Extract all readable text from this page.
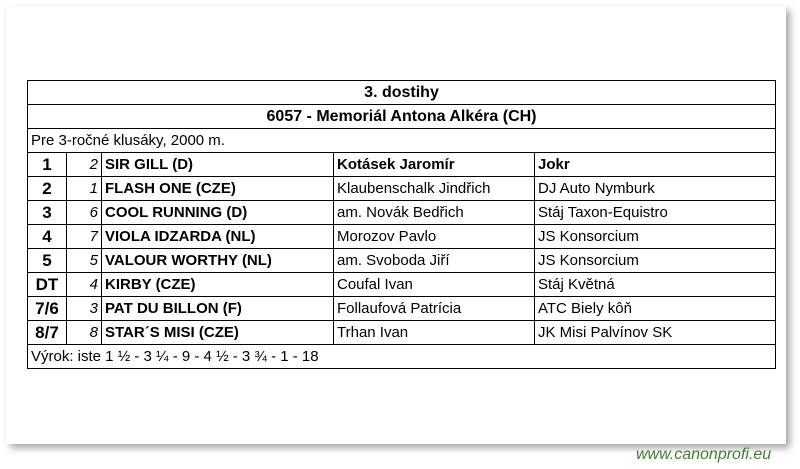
3. dostihy				
6057 - Memoriál Antona Alkéra (CH)				
Pre 3-ročné klusáky, 2000 m.				
1	2	SIR GILL (D)	Kotásek Jaromír	Jokr
2	1	FLASH ONE (CZE)	Klaubenschalk Jindřich	DJ Auto Nymburk
3	6	COOL RUNNING (D)	am. Novák Bedřich	Stáj Taxon-Equistro
4	7	VIOLA IDZARDA (NL)	Morozov Pavlo	JS Konsorcium
5	5	VALOUR WORTHY (NL)	am. Svoboda Jiří	JS Konsorcium
DT	4	KIRBY (CZE)	Coufal Ivan	Stáj Květná
7/6	3	PAT DU BILLON (F)	Follaufová Patrícia	ATC Biely kôň
8/7	8	STAR´S MISI (CZE)	Trhan Ivan	JK Misi Palvínov SK
Výrok: iste 1 ½ - 3 ¼ - 9 - 4 ½ - 3 ¾ - 1 - 18				
www.canonprofi.eu
